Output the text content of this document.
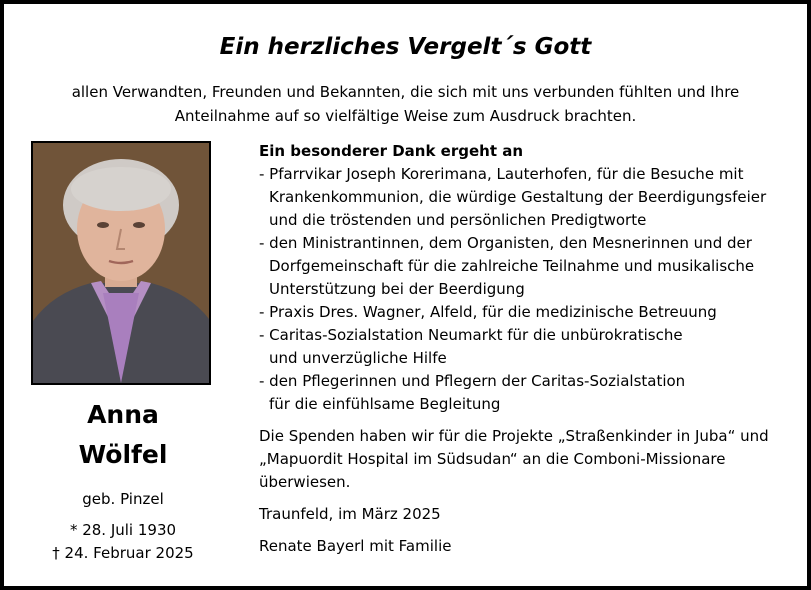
Ein herzliches Vergelt´s Gott
allen Verwandten, Freunden und Bekannten, die sich mit uns verbunden fühlten und Ihre
Anteilnahme auf so vielfältige Weise zum Ausdruck brachten.
Anna
Wölfel
geb. Pinzel
* 28. Juli 1930
† 24. Februar 2025
Ein besonderer Dank ergeht an
- Pfarrvikar Joseph Korerimana, Lauterhofen, für die Besuche mit
Krankenkommunion, die würdige Gestaltung der Beerdigungsfeier
und die tröstenden und persönlichen Predigtworte
- den Ministrantinnen, dem Organisten, den Mesnerinnen und der
Dorfgemeinschaft für die zahlreiche Teilnahme und musikalische
Unterstützung bei der Beerdigung
- Praxis Dres. Wagner, Alfeld, für die medizinische Betreuung
- Caritas-Sozialstation Neumarkt für die unbürokratische
und unverzügliche Hilfe
- den Pflegerinnen und Pflegern der Caritas-Sozialstation
für die einfühlsame Begleitung
Die Spenden haben wir für die Projekte „Straßenkinder in Juba“ und
„Mapuordit Hospital im Südsudan“ an die Comboni-Missionare
überwiesen.
Traunfeld, im März 2025
Renate Bayerl mit Familie
